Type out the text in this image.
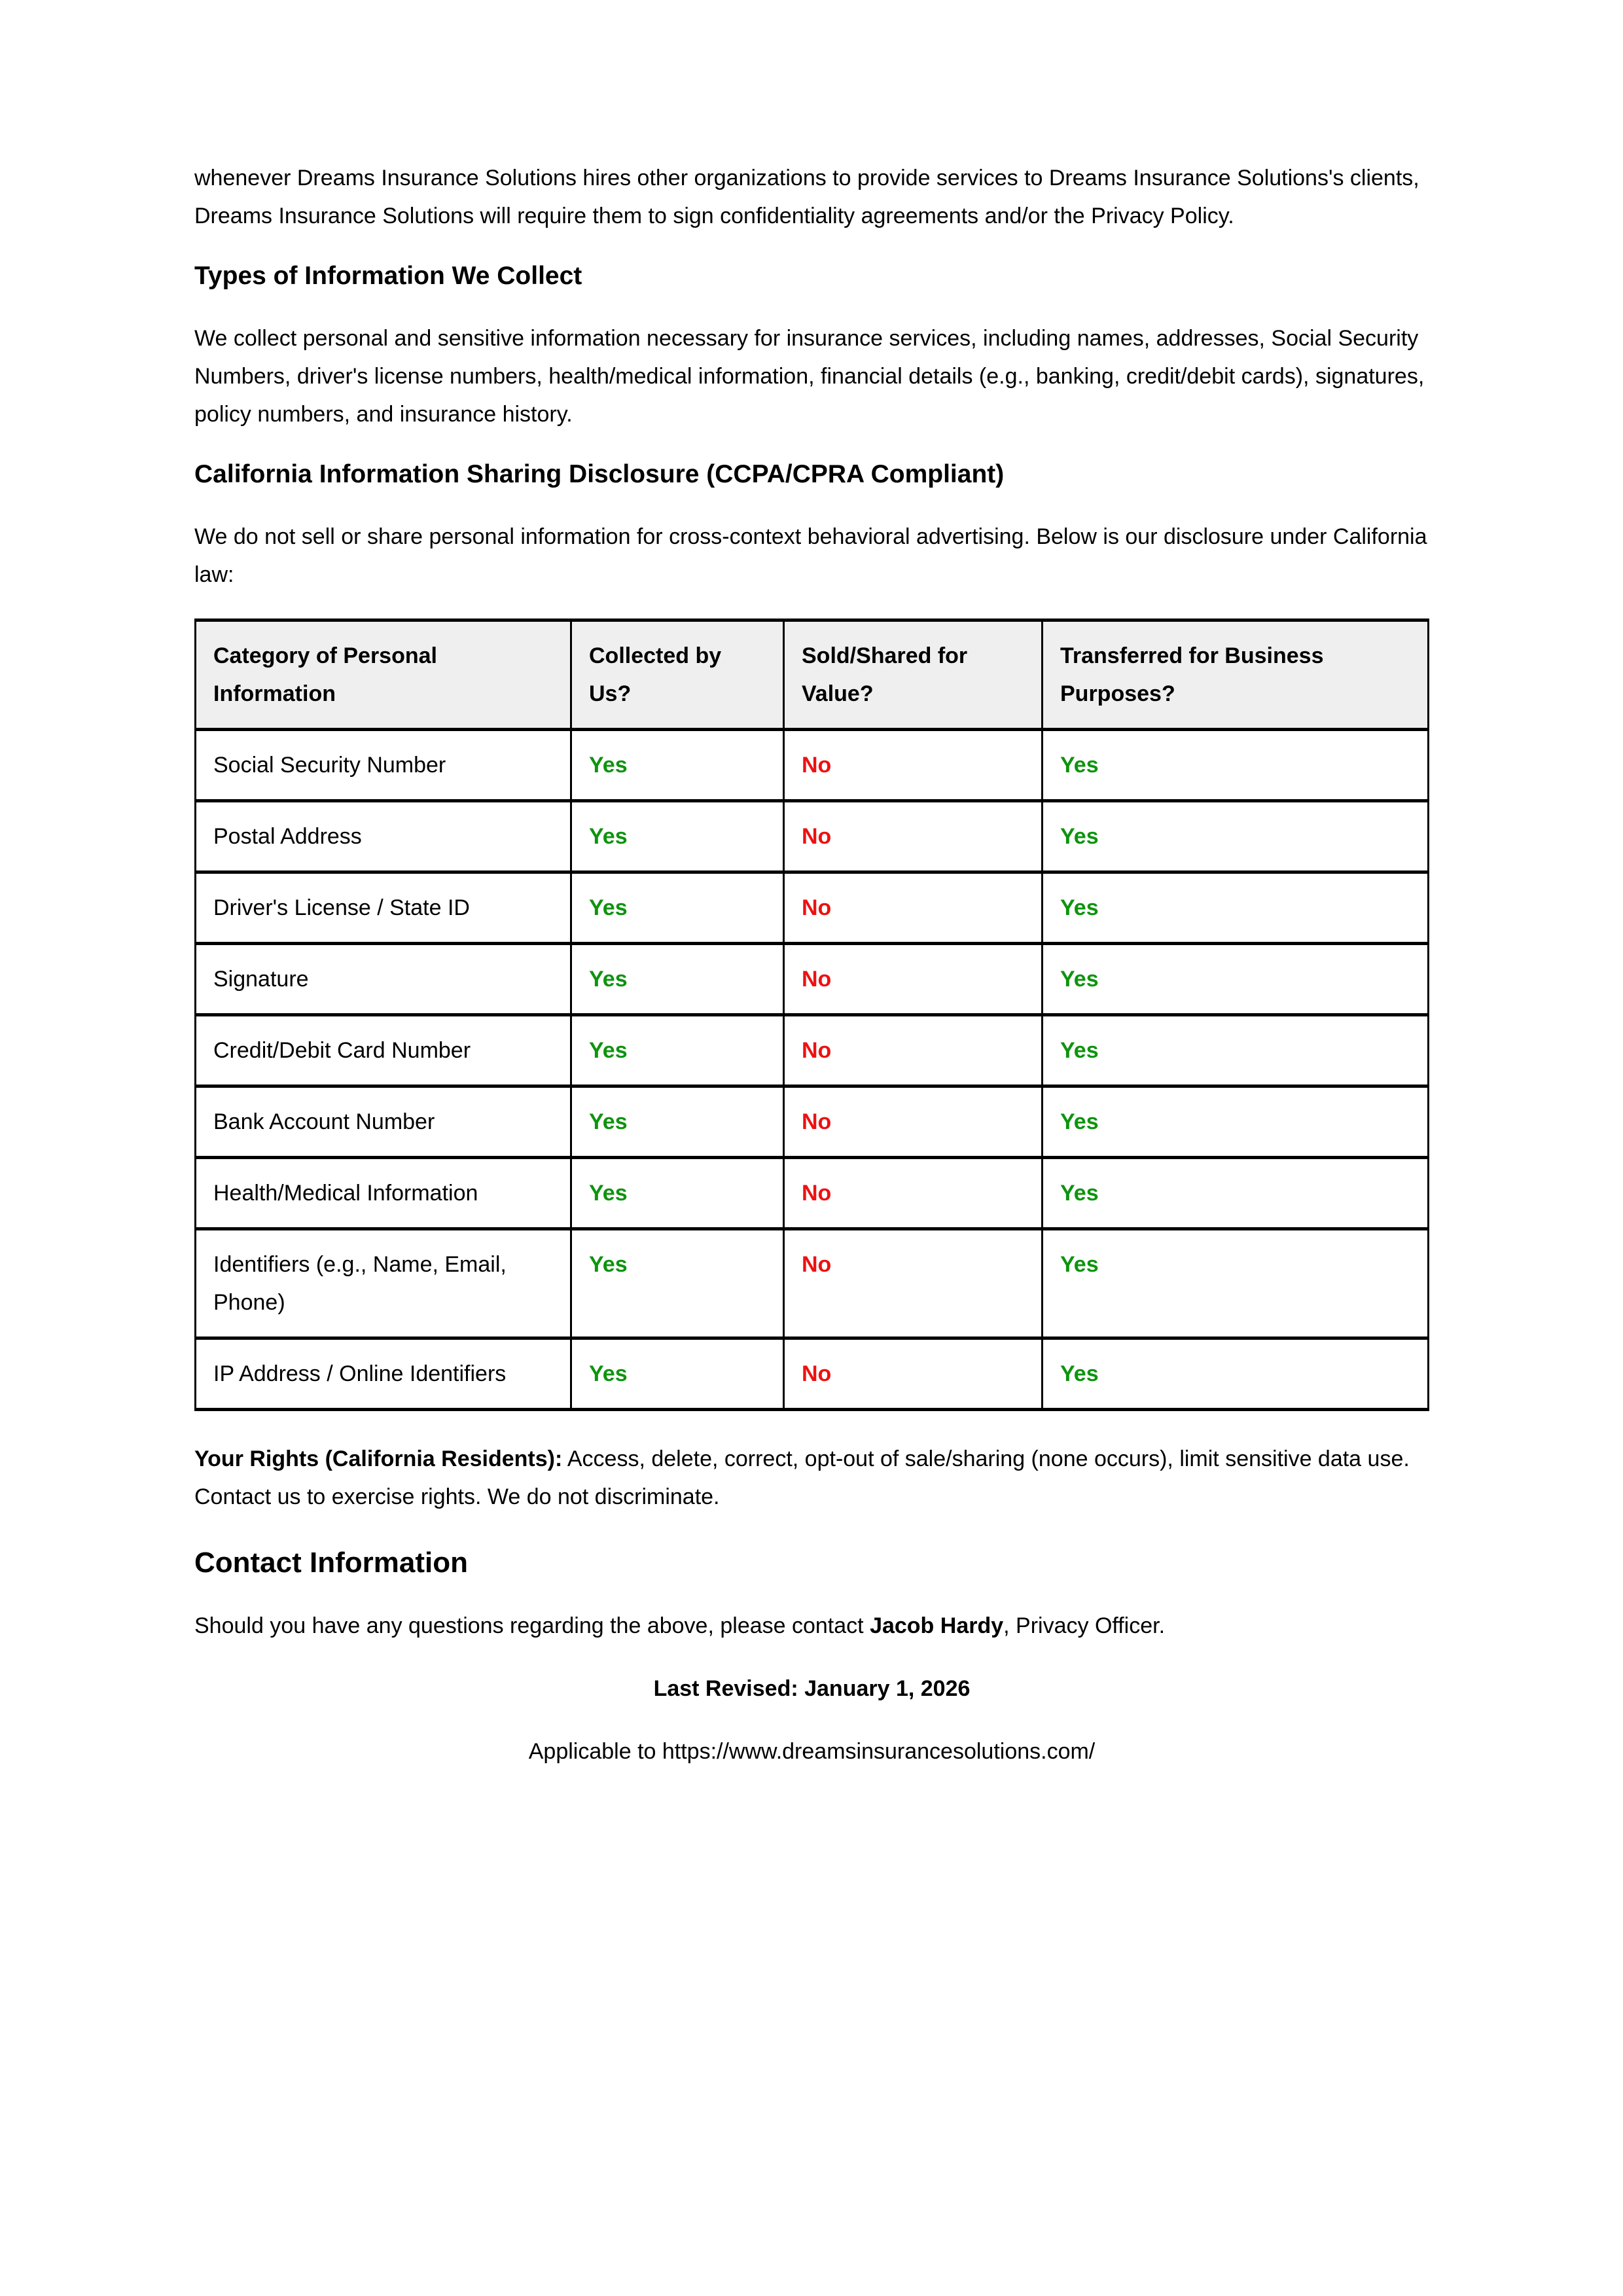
whenever Dreams Insurance Solutions hires other organizations to provide services to Dreams Insurance Solutions's clients, Dreams Insurance Solutions will require them to sign confidentiality agreements and/or the Privacy Policy.

Types of Information We Collect

We collect personal and sensitive information necessary for insurance services, including names, addresses, Social Security Numbers, driver's license numbers, health/medical information, financial details (e.g., banking, credit/debit cards), signatures, policy numbers, and insurance history.

California Information Sharing Disclosure (CCPA/CPRA Compliant)

We do not sell or share personal information for cross-context behavioral advertising. Below is our disclosure under California law:

Category of Personal Information	Collected by Us?	Sold/Shared for Value?	Transferred for Business Purposes?
Social Security Number	Yes	No	Yes
Postal Address	Yes	No	Yes
Driver's License / State ID	Yes	No	Yes
Signature	Yes	No	Yes
Credit/Debit Card Number	Yes	No	Yes
Bank Account Number	Yes	No	Yes
Health/Medical Information	Yes	No	Yes
Identifiers (e.g., Name, Email, Phone)	Yes	No	Yes
IP Address / Online Identifiers	Yes	No	Yes

Your Rights (California Residents): Access, delete, correct, opt-out of sale/sharing (none occurs), limit sensitive data use. Contact us to exercise rights. We do not discriminate.

Contact Information

Should you have any questions regarding the above, please contact Jacob Hardy, Privacy Officer.

Last Revised: January 1, 2026

Applicable to https://www.dreamsinsurancesolutions.com/
